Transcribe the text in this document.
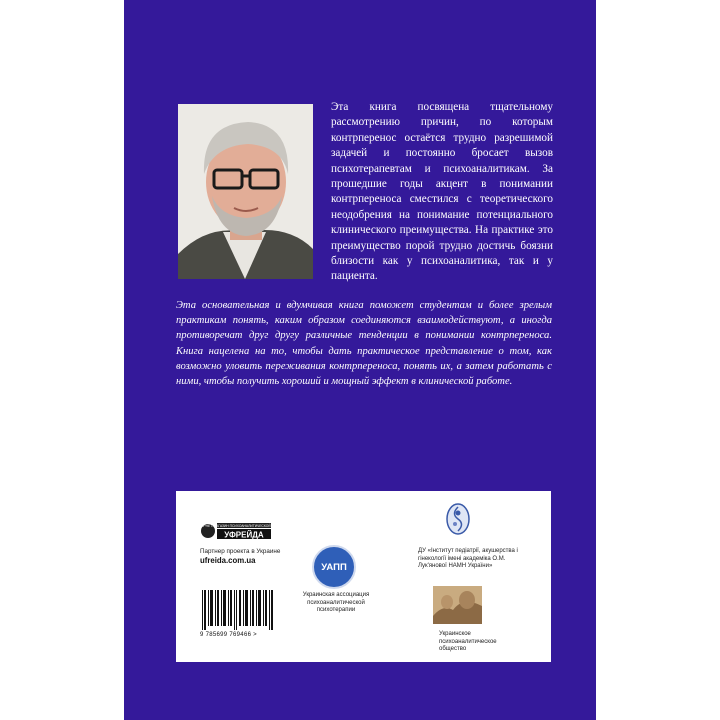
Эта книга посвящена тщательному рассмотрению причин, по которым контрперенос остаётся трудно разрешимой задачей и постоянно бросает вызов психотерапевтам и психоаналитикам. За прошедшие годы акцент в понимании контрпереноса сместился с теоретического неодобрения на понимание потенциального клинического преимущества. На практике это преимущество порой трудно достичь боязни близости как у психоаналитика, так и у пациента.
Эта основательная и вдумчивая книга поможет студентам и более зрелым практикам понять, каким образом соединяются взаимодействуют, а иногда противоречат друг другу различные тенденции в понимании контрпереноса. Книга нацелена на то, чтобы дать практическое представление о том, как возможно уловить переживания контрпереноса, понять их, а затем работать с ними, чтобы получить хороший и мощный эффект в клинической работе.
ИНТЕРНЕТ-МАГАЗИН ПСИХОАНАЛИТИЧЕСКОЙ ЛИТЕРАТУРЫ
УФРЕЙДА
Партнер проекта в Украине
ufreida.com.ua
9 785699 769466 >
УАПП
Украинская ассоциация психоаналитической психотерапии
ДУ «Інститут педіатрії, акушерства і гінекології імені академіка О.М. Лук'янової НАМН України»
Украинское психоаналитическое общество
